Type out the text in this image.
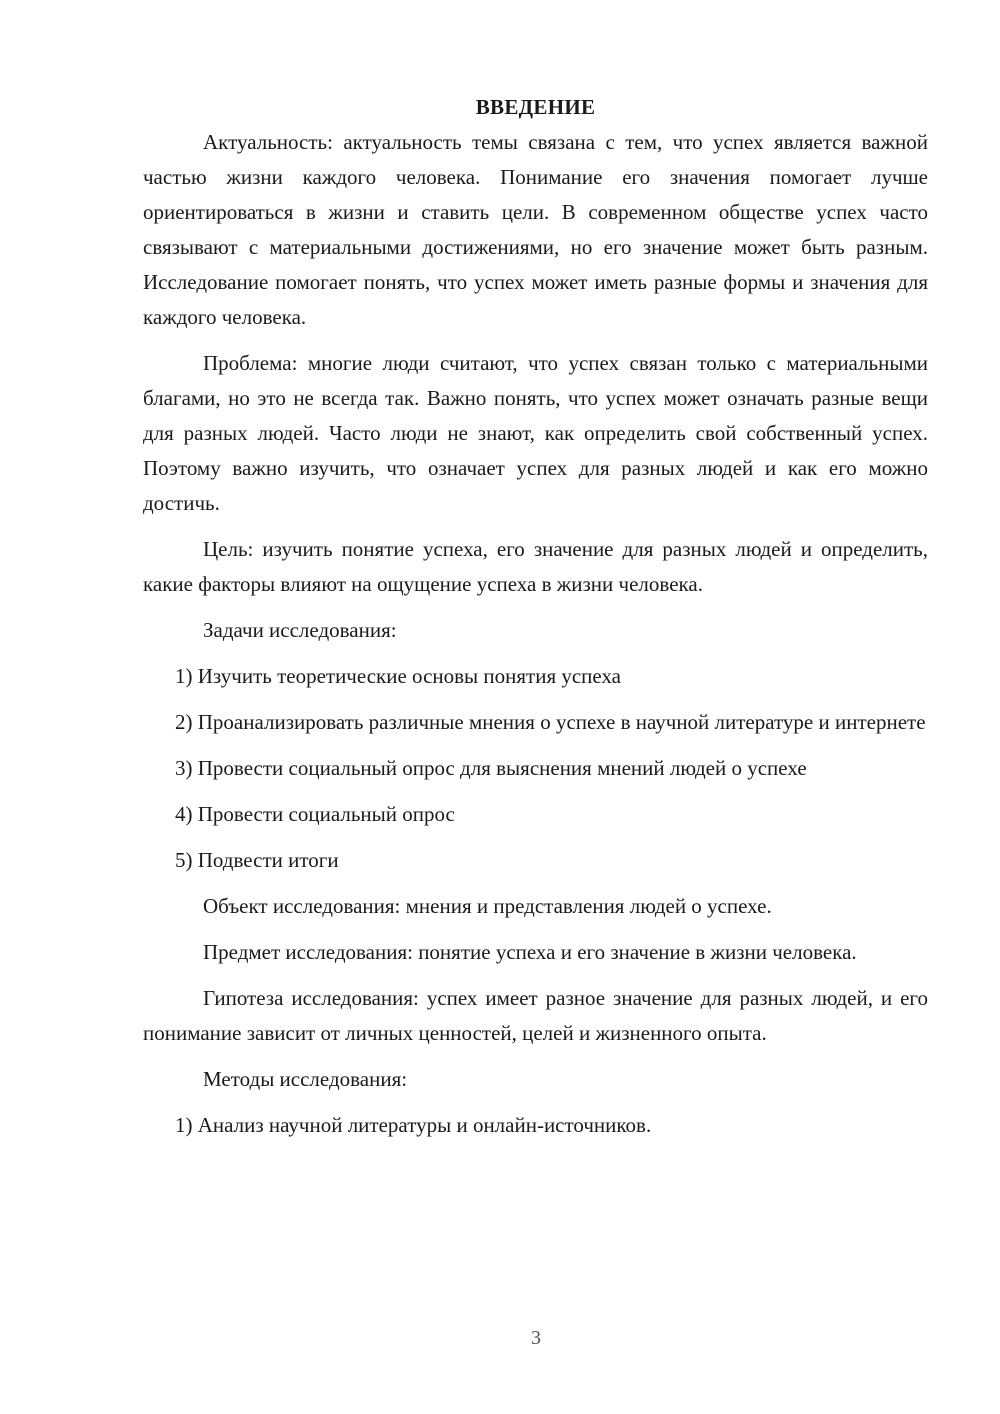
ВВЕДЕНИЕ
Актуальность: актуальность темы связана с тем, что успех является важной частью жизни каждого человека. Понимание его значения помогает лучше ориентироваться в жизни и ставить цели. В современном обществе успех часто связывают с материальными достижениями, но его значение может быть разным. Исследование помогает понять, что успех может иметь разные формы и значения для каждого человека.
Проблема: многие люди считают, что успех связан только с материальными благами, но это не всегда так. Важно понять, что успех может означать разные вещи для разных людей. Часто люди не знают, как определить свой собственный успех. Поэтому важно изучить, что означает успех для разных людей и как его можно достичь.
Цель: изучить понятие успеха, его значение для разных людей и определить, какие факторы влияют на ощущение успеха в жизни человека.
Задачи исследования:
1) Изучить теоретические основы понятия успеха
2) Проанализировать различные мнения о успехе в научной литературе и интернете
3) Провести социальный опрос для выяснения мнений людей о успехе
4) Провести социальный опрос
5) Подвести итоги
Объект исследования: мнения и представления людей о успехе.
Предмет исследования: понятие успеха и его значение в жизни человека.
Гипотеза исследования: успех имеет разное значение для разных людей, и его понимание зависит от личных ценностей, целей и жизненного опыта.
Методы исследования:
1) Анализ научной литературы и онлайн-источников.
3
